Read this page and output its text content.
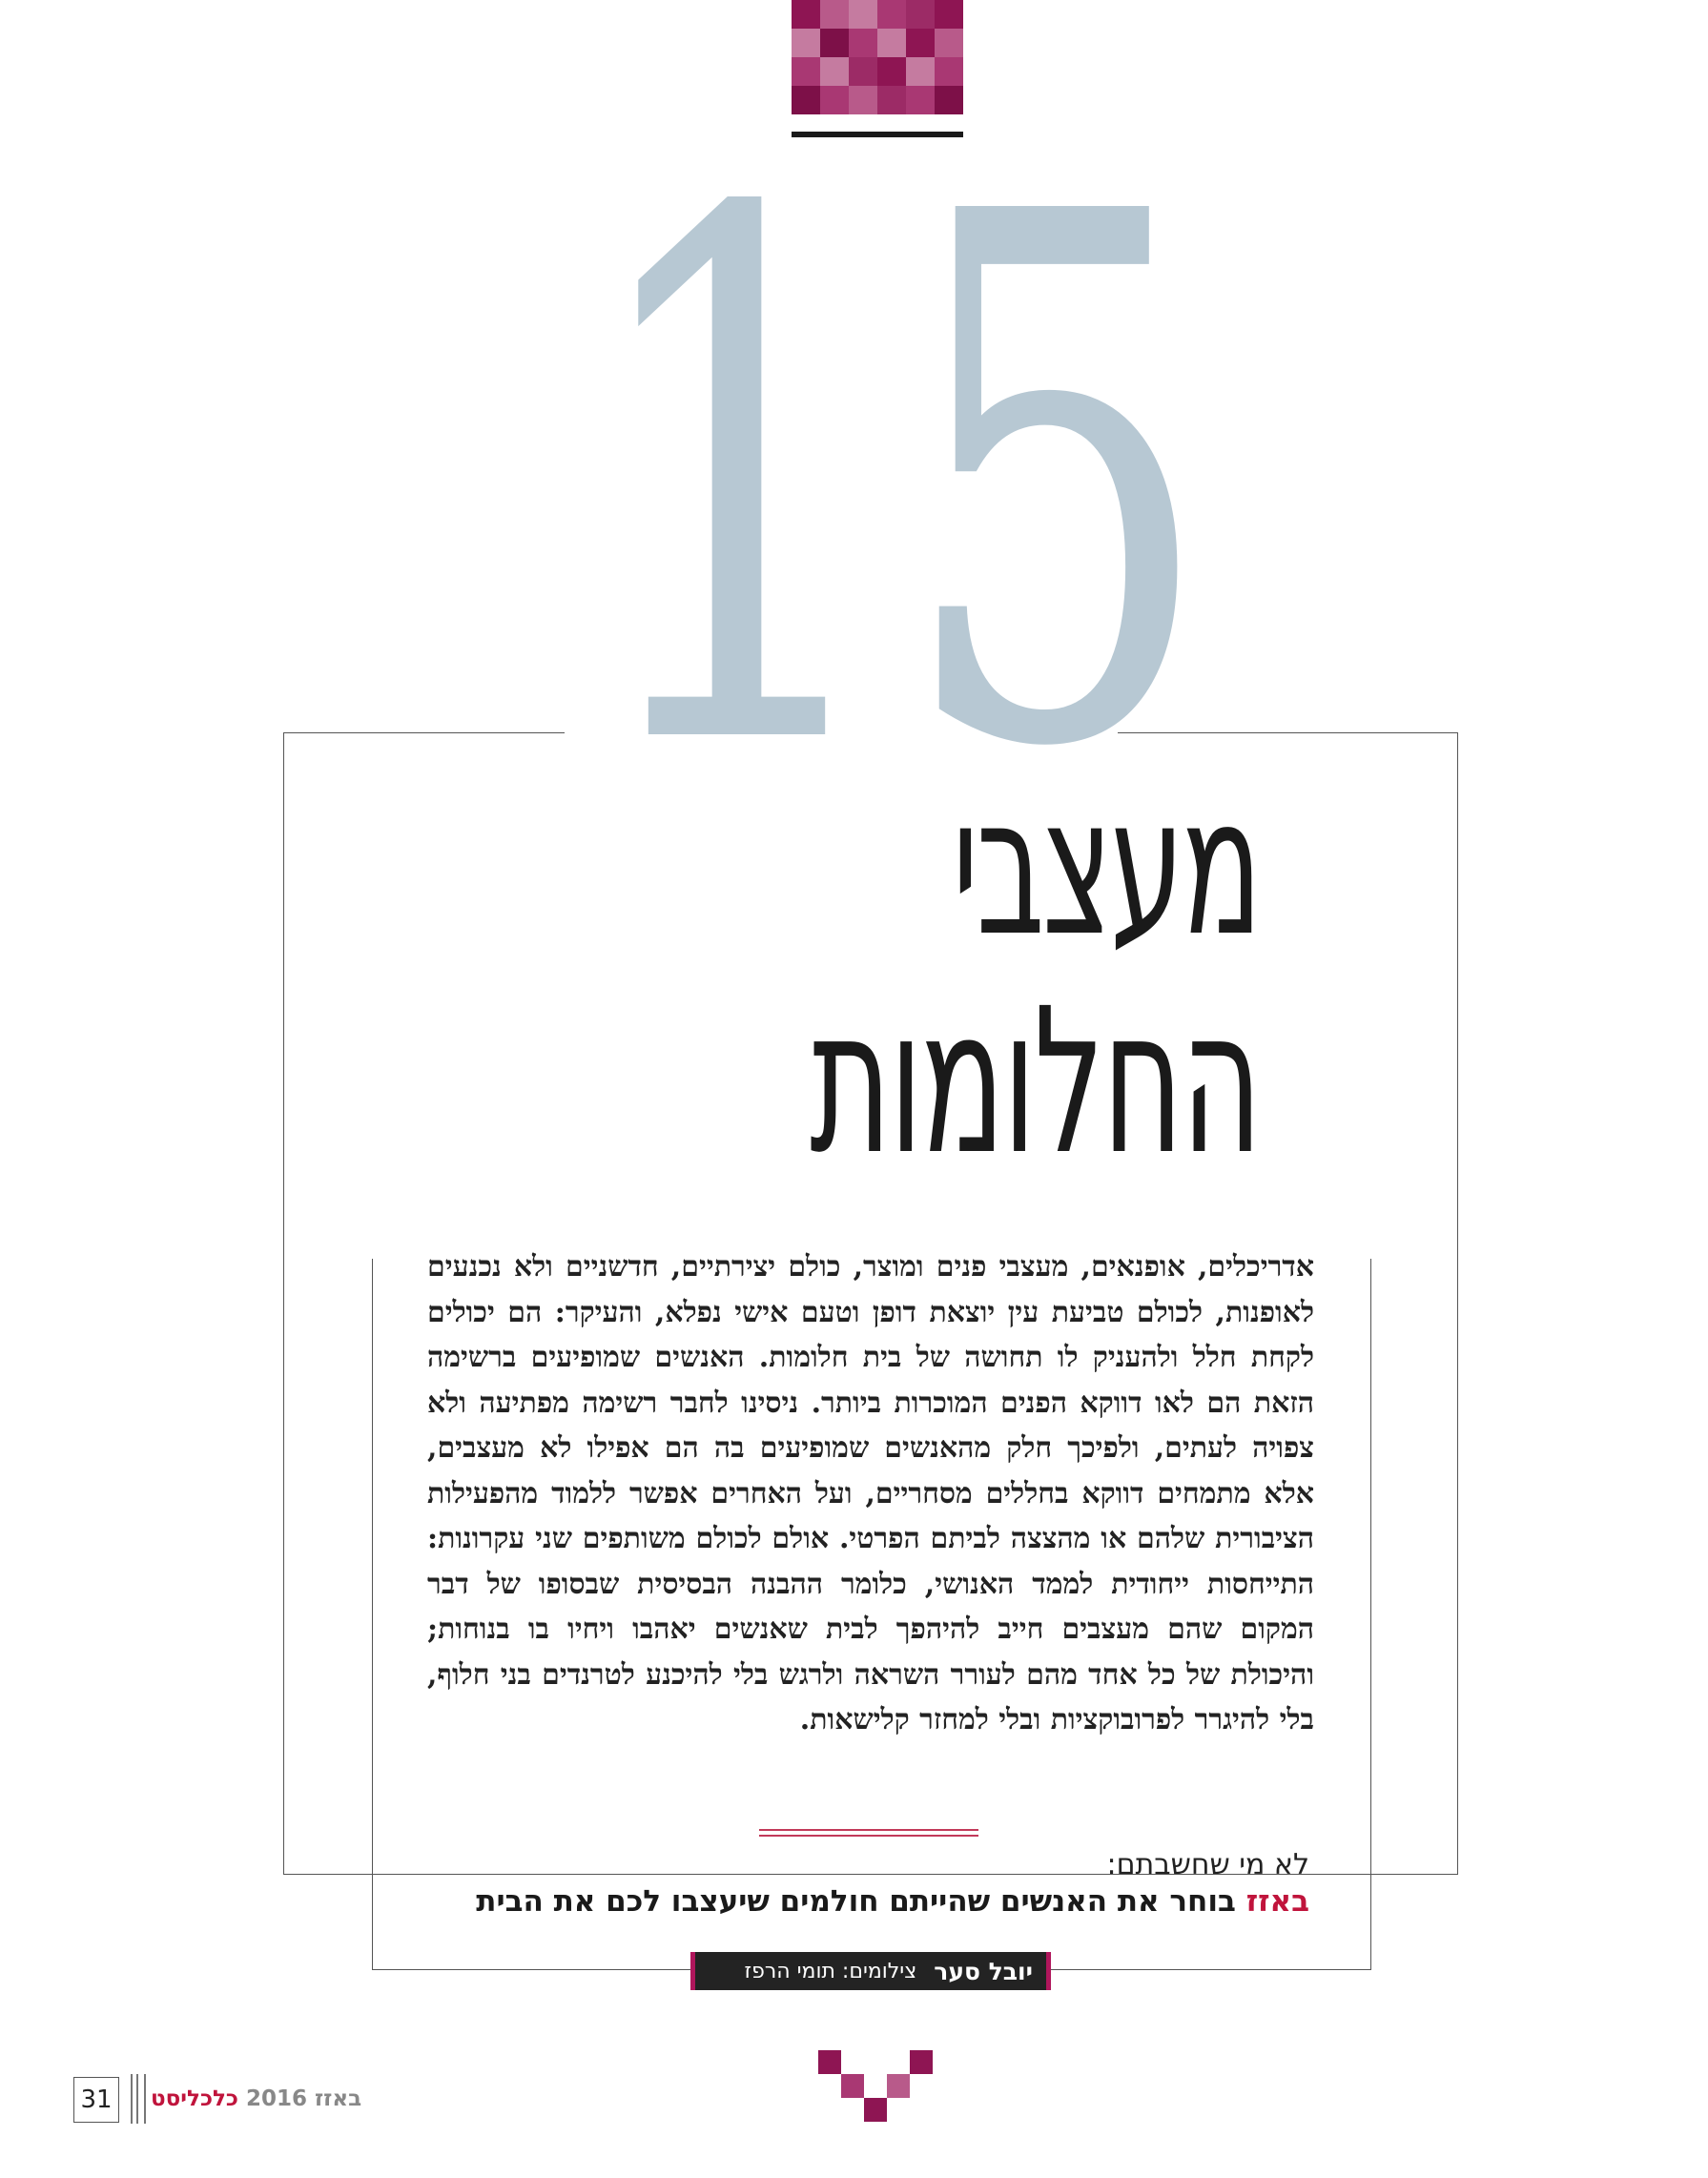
15
מעצבי
החלומות
אדריכלים, אופנאים, מעצבי פנים ומוצר, כולם יצירתיים, חדשניים ולא נכנעים לאופנות, לכולם טביעת עין יוצאת דופן וטעם אישי נפלא, והעיקר: הם יכולים לקחת חלל ולהעניק לו תחושה של בית חלומות. האנשים שמופיעים ברשימה הזאת הם לאו דווקא הפנים המוכרות ביותר. ניסינו לחבר רשימה מפתיעה ולא צפויה לעתים, ולפיכך חלק מהאנשים שמופיעים בה הם אפילו לא מעצבים, אלא מתמחים דווקא בחללים מסחריים, ועל האחרים אפשר ללמוד מהפעילות הציבורית שלהם או מהצצה לביתם הפרטי. אולם לכולם משותפים שני עקרונות: התייחסות ייחודית לממד האנושי, כלומר ההבנה הבסיסית שבסופו של דבר המקום שהם מעצבים חייב להיהפך לבית שאנשים יאהבו ויחיו בו בנוחות; והיכולת של כל אחד מהם לעורר השראה ולרגש בלי להיכנע לטרנדים בני חלוף, בלי להיגרר לפרובוקציות ובלי למחזר קלישאות.
לא מי שחשבתם:
באזז בוחר את האנשים שהייתם חולמים שיעצבו לכם את הבית
יובל סער
צילומים: תומי הרפז
31	באזז 2016 כלכליסט
